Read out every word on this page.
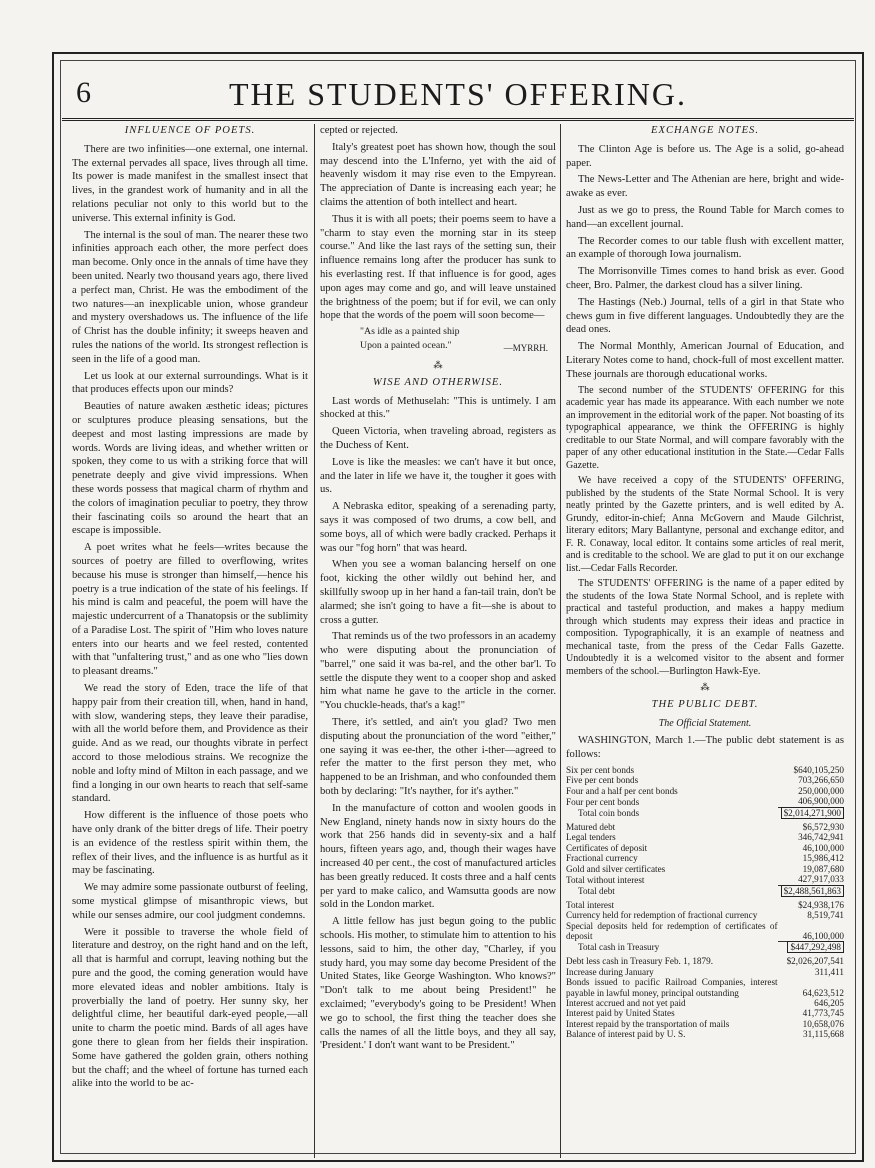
6	THE STUDENTS' OFFERING.
INFLUENCE OF POETS.

There are two infinities—one external, one internal. The external pervades all space, lives through all time. Its power is made manifest in the smallest insect that lives, in the grandest work of humanity and in all the relations peculiar not only to this world but to the universe. This external infinity is God.

The internal is the soul of man. The nearer these two infinities approach each other, the more perfect does man become. Only once in the annals of time have they been united. Nearly two thousand years ago, there lived a perfect man, Christ. He was the embodiment of the two natures—an inexplicable union, whose grandeur and mystery overshadows us. The influence of the life of Christ has the double infinity; it sweeps heaven and rules the nations of the world. Its strongest reflection is seen in the life of a good man.

Let us look at our external surroundings. What is it that produces effects upon our minds?

Beauties of nature awaken æsthetic ideas; pictures or sculptures produce pleasing sensations, but the deepest and most lasting impressions are made by words. Words are living ideas, and whether written or spoken, they come to us with a striking force that will penetrate deeply and give vivid impressions. When these words possess that magical charm of rhythm and the colors of imagination peculiar to poetry, they throw their fascinating coils so around the heart that an escape is impossible.

A poet writes what he feels—writes because the sources of poetry are filled to overflowing, writes because his muse is stronger than himself,—hence his poetry is a true indication of the state of his feelings. If his mind is calm and peaceful, the poem will have the majestic undercurrent of a Thanatopsis or the sublimity of a Paradise Lost. The spirit of "Him who loves nature enters into our hearts and we feel rested, contented with that "unfaltering trust," and as one who "lies down to pleasant dreams."

We read the story of Eden, trace the life of that happy pair from their creation till, when, hand in hand, with slow, wandering steps, they leave their paradise, with all the world before them, and Providence as their guide. And as we read, our thoughts vibrate in perfect accord to those melodious strains. We recognize the noble and lofty mind of Milton in each passage, and we find a longing in our own hearts to reach that self-same standard.

How different is the influence of those poets who have only drank of the bitter dregs of life. Their poetry is an evidence of the restless spirit within them, the reflex of their lives, and the influence is as hurtful as it may be fascinating.

We may admire some passionate outburst of feeling, some mystical glimpse of misanthropic views, but while our senses admire, our cool judgment condemns.

Were it possible to traverse the whole field of literature and destroy, on the right hand and on the left, all that is harmful and corrupt, leaving nothing but the pure and the good, the coming generation would have more elevated ideas and nobler ambitions. Italy is proverbially the land of poetry. Her sunny sky, her delightful clime, her beautiful dark-eyed people,—all unite to charm the poetic mind. Bards of all ages have gone there to glean from her fields their inspiration. Some have gathered the golden grain, others nothing but the chaff; and the wheel of fortune has turned each alike into the world to be ac-

cepted or rejected.

Italy's greatest poet has shown how, though the soul may descend into the L'Inferno, yet with the aid of heavenly wisdom it may rise even to the Empyrean. The appreciation of Dante is increasing each year; he claims the attention of both intellect and heart.

Thus it is with all poets; their poems seem to have a "charm to stay even the morning star in its steep course." And like the last rays of the setting sun, their influence remains long after the producer has sunk to his everlasting rest. If that influence is for good, ages upon ages may come and go, and will leave unstained the brightness of the poem; but if for evil, we can only hope that the words of the poem will soon become—

"As idle as a painted ship
Upon a painted ocean."	—MYRRH.
⁂
WISE AND OTHERWISE.

Last words of Methuselah: "This is untimely. I am shocked at this."

Queen Victoria, when traveling abroad, registers as the Duchess of Kent.

Love is like the measles: we can't have it but once, and the later in life we have it, the tougher it goes with us.

A Nebraska editor, speaking of a serenading party, says it was composed of two drums, a cow bell, and some boys, all of which were badly cracked. Perhaps it was our "fog horn" that was heard.

When you see a woman balancing herself on one foot, kicking the other wildly out behind her, and skillfully swoop up in her hand a fan-tail train, don't be alarmed; she isn't going to have a fit—she is about to cross a gutter.

That reminds us of the two professors in an academy who were disputing about the pronunciation of "barrel," one said it was ba-rel, and the other bar'l. To settle the dispute they went to a cooper shop and asked him what name he gave to the article in the corner. "You chuckle-heads, that's a kag!"

There, it's settled, and ain't you glad? Two men disputing about the pronunciation of the word "either," one saying it was ee-ther, the other i-ther—agreed to refer the matter to the first person they met, who happened to be an Irishman, and who confounded them both by declaring: "It's nayther, for it's ayther."

In the manufacture of cotton and woolen goods in New England, ninety hands now in sixty hours do the work that 256 hands did in seventy-six and a half hours, fifteen years ago, and, though their wages have increased 40 per cent., the cost of manufactured articles has been greatly reduced. It costs three and a half cents per yard to make calico, and Wamsutta goods are now sold in the London market.

A little fellow has just begun going to the public schools. His mother, to stimulate him to attention to his lessons, said to him, the other day, "Charley, if you study hard, you may some day become President of the United States, like George Washington. Who knows?" "Don't talk to me about being President!" he exclaimed; "everybody's going to be President! When we go to school, the first thing the teacher does she calls the names of all the little boys, and they all say, 'President.' I don't want want to be President."

EXCHANGE NOTES.

The Clinton Age is before us. The Age is a solid, go-ahead paper.

The News-Letter and The Athenian are here, bright and wide-awake as ever.

Just as we go to press, the Round Table for March comes to hand—an excellent journal.

The Recorder comes to our table flush with excellent matter, an example of thorough Iowa journalism.

The Morrisonville Times comes to hand brisk as ever. Good cheer, Bro. Palmer, the darkest cloud has a silver lining.

The Hastings (Neb.) Journal, tells of a girl in that State who chews gum in five different languages. Undoubtedly they are the dead ones.

The Normal Monthly, American Journal of Education, and Literary Notes come to hand, chock-full of most excellent matter. These journals are thorough educational works.

The second number of the STUDENTS' OFFERING for this academic year has made its appearance. With each number we note an improvement in the editorial work of the paper. Not boasting of its typographical appearance, we think the OFFERING is highly creditable to our State Normal, and will compare favorably with the paper of any other educational institution in the State.—Cedar Falls Gazette.

We have received a copy of the STUDENTS' OFFERING, published by the students of the State Normal School. It is very neatly printed by the Gazette printers, and is well edited by A. Grundy, editor-in-chief; Anna McGovern and Maude Gilchrist, literary editors; Mary Ballantyne, personal and exchange editor, and F. R. Conaway, local editor. It contains some articles of real merit, and is creditable to the school. We are glad to put it on our exchange list.—Cedar Falls Recorder.

The STUDENTS' OFFERING is the name of a paper edited by the students of the Iowa State Normal School, and is replete with practical and tasteful production, and makes a happy medium through which students may express their ideas and practice in composition. Typographically, it is an example of neatness and mechanical taste, from the press of the Cedar Falls Gazette. Undoubtedly it is a welcomed visitor to the absent and former members of the school.—Burlington Hawk-Eye.

⁂
THE PUBLIC DEBT.
The Official Statement.

WASHINGTON, March 1.—The public debt statement is as follows:

Six per cent bonds	$640,105,250
Five per cent bonds	703,266,650
Four and a half per cent bonds	250,000,000
Four per cent bonds	406,900,000
Total coin bonds	$2,014,271,900
Matured debt	$6,572,930
Legal tenders	346,742,941
Certificates of deposit	46,100,000
Fractional currency	15,986,412
Gold and silver certificates	19,087,680
Total without interest	427,917,033
Total debt	$2,488,561,863
Total interest	$24,938,176
Currency held for redemption of fractional currency	8,519,741
Special deposits held for redemption of certificates of deposit	46,100,000
Total cash in Treasury	$447,292,498
Debt less cash in Treasury Feb. 1, 1879.	$2,026,207,541
Increase during January	311,411
Bonds issued to pacific Railroad Companies, interest payable in lawful money, principal outstanding	64,623,512
Interest accrued and not yet paid	646,205
Interest paid by United States	41,773,745
Interest repaid by the transportation of mails	10,658,076
Balance of interest paid by U. S.	31,115,668
